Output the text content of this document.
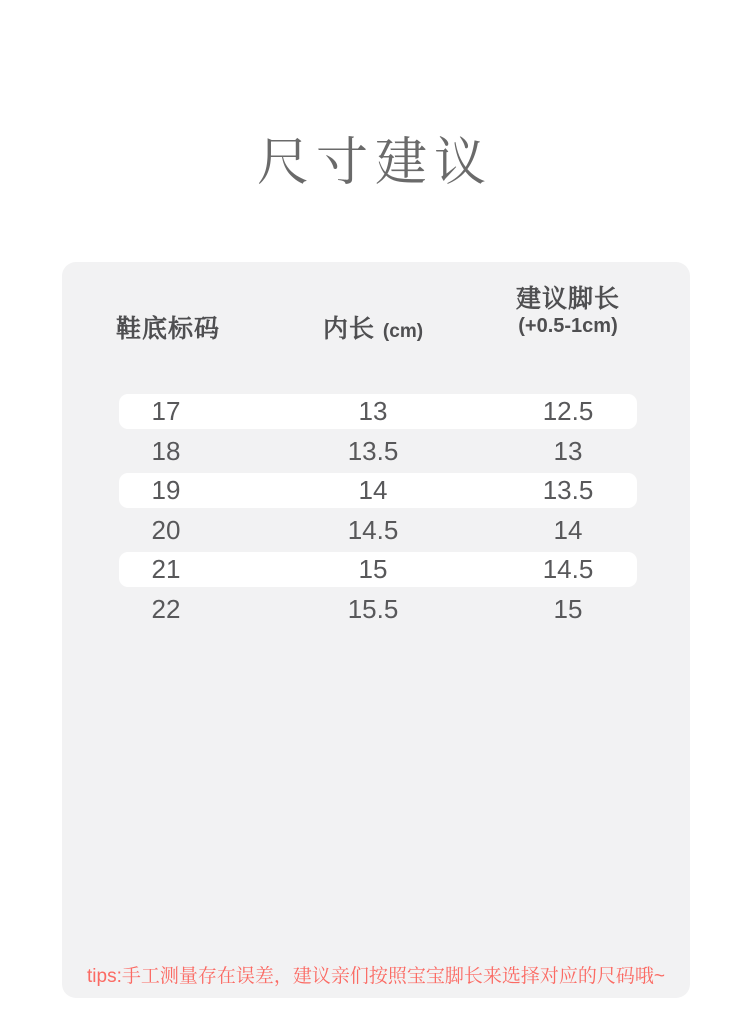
尺寸建议
鞋底标码	内长 (cm)
建议脚长
(+0.5-1cm)
17	13	12.5
18	13.5	13
19	14	13.5
20	14.5	14
21	15	14.5
22	15.5	15
tips:手工测量存在误差，建议亲们按照宝宝脚长来选择对应的尺码哦~
